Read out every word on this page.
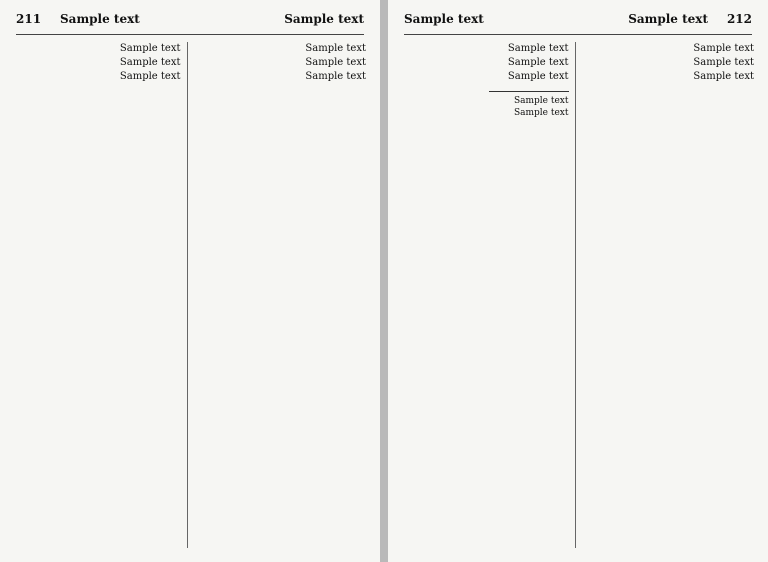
211 Sample text	Sample text

Sample text

Sample text

Sample text

Sample text

Sample text

Sample text

Sample text	Sample text 212

Sample text

Sample text

Sample text

Sample text

Sample text

Sample text

Sample text

Sample text
